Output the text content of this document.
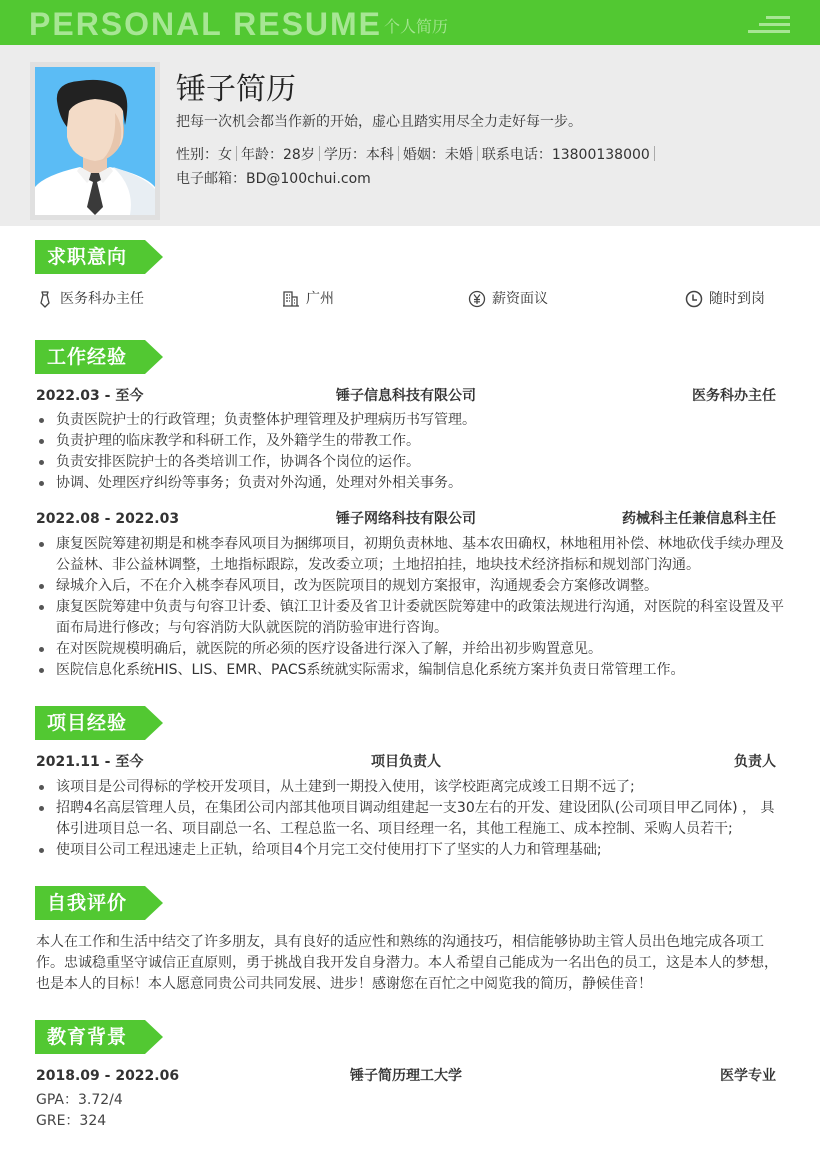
PERSONAL RESUME 个人简历
锤子简历
把每一次机会都当作新的开始，虚心且踏实用尽全力走好每一步。
性别：女 年龄：28岁 学历：本科 婚姻：未婚 联系电话：13800138000
电子邮箱：BD@100chui.com
求职意向
医务科办主任	广州	薪资面议	随时到岗
工作经验
2022.03 - 至今	锤子信息科技有限公司	医务科办主任
负责医院护士的行政管理；负责整体护理管理及护理病历书写管理。
负责护理的临床教学和科研工作，及外籍学生的带教工作。
负责安排医院护士的各类培训工作，协调各个岗位的运作。
协调、处理医疗纠纷等事务；负责对外沟通，处理对外相关事务。
2022.08 - 2022.03	锤子网络科技有限公司	药械科主任兼信息科主任
康复医院筹建初期是和桃李春风项目为捆绑项目，初期负责林地、基本农田确权，林地租用补偿、林地砍伐手续办理及公益林、非公益林调整，土地指标跟踪，发改委立项；土地招拍挂，地块技术经济指标和规划部门沟通。
绿城介入后，不在介入桃李春风项目，改为医院项目的规划方案报审，沟通规委会方案修改调整。
康复医院筹建中负责与句容卫计委、镇江卫计委及省卫计委就医院筹建中的政策法规进行沟通，对医院的科室设置及平面布局进行修改；与句容消防大队就医院的消防验审进行咨询。
在对医院规模明确后，就医院的所必须的医疗设备进行深入了解，并给出初步购置意见。
医院信息化系统HIS、LIS、EMR、PACS系统就实际需求，编制信息化系统方案并负责日常管理工作。
项目经验
2021.11 - 至今	项目负责人	负责人
该项目是公司得标的学校开发项目，从土建到一期投入使用，该学校距离完成竣工日期不远了;
招聘4名高层管理人员，在集团公司内部其他项目调动组建起一支30左右的开发、建设团队(公司项目甲乙同体) ， 具体引进项目总一名、项目副总一名、工程总监一名、项目经理一名，其他工程施工、成本控制、采购人员若干;
使项目公司工程迅速走上正轨，给项目4个月完工交付使用打下了坚实的人力和管理基础;
自我评价
本人在工作和生活中结交了许多朋友，具有良好的适应性和熟练的沟通技巧，相信能够协助主管人员出色地完成各项工作。忠诚稳重坚守诚信正直原则，勇于挑战自我开发自身潜力。本人希望自己能成为一名出色的员工，这是本人的梦想，也是本人的目标！本人愿意同贵公司共同发展、进步！感谢您在百忙之中阅览我的简历，静候佳音！
教育背景
2018.09 - 2022.06	锤子简历理工大学	医学专业
GPA：3.72/4
GRE：324
